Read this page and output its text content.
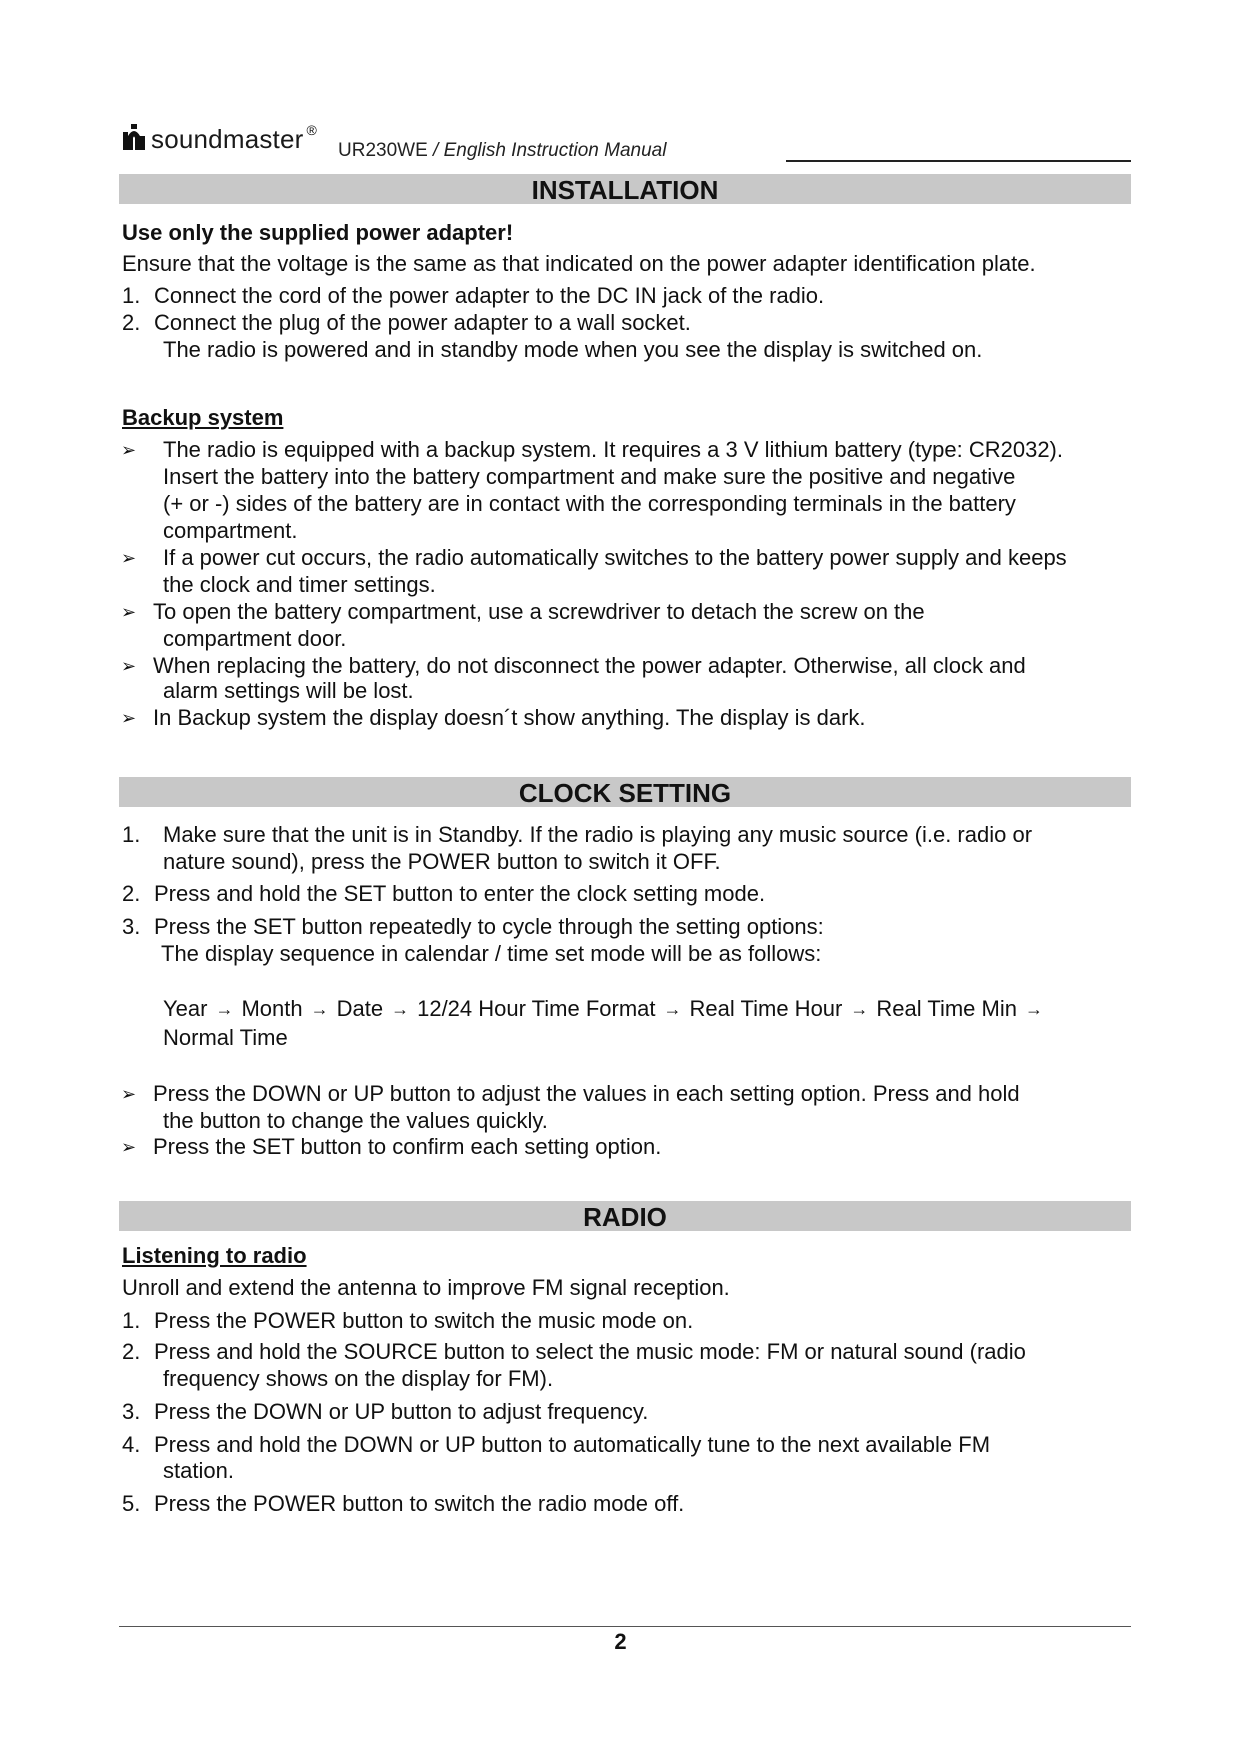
soundmaster ®
UR230WE / English Instruction Manual
INSTALLATION
Use only the supplied power adapter!
Ensure that the voltage is the same as that indicated on the power adapter identification plate.
1. Connect the cord of the power adapter to the DC IN jack of the radio.
2. Connect the plug of the power adapter to a wall socket.
The radio is powered and in standby mode when you see the display is switched on.
Backup system
➢ The radio is equipped with a backup system. It requires a 3 V lithium battery (type: CR2032).
Insert the battery into the battery compartment and make sure the positive and negative
(+ or -) sides of the battery are in contact with the corresponding terminals in the battery
compartment.
➢ If a power cut occurs, the radio automatically switches to the battery power supply and keeps
the clock and timer settings.
➢ To open the battery compartment, use a screwdriver to detach the screw on the
compartment door.
➢ When replacing the battery, do not disconnect the power adapter. Otherwise, all clock and
alarm settings will be lost.
➢ In Backup system the display doesn´t show anything. The display is dark.
CLOCK SETTING
1. Make sure that the unit is in Standby. If the radio is playing any music source (i.e. radio or
nature sound), press the POWER button to switch it OFF.
2. Press and hold the SET button to enter the clock setting mode.
3. Press the SET button repeatedly to cycle through the setting options:
The display sequence in calendar / time set mode will be as follows:
Year → Month → Date → 12/24 Hour Time Format → Real Time Hour → Real Time Min →
Normal Time
➢ Press the DOWN or UP button to adjust the values in each setting option. Press and hold
the button to change the values quickly.
➢ Press the SET button to confirm each setting option.
RADIO
Listening to radio
Unroll and extend the antenna to improve FM signal reception.
1. Press the POWER button to switch the music mode on.
2. Press and hold the SOURCE button to select the music mode: FM or natural sound (radio
frequency shows on the display for FM).
3. Press the DOWN or UP button to adjust frequency.
4. Press and hold the DOWN or UP button to automatically tune to the next available FM
station.
5. Press the POWER button to switch the radio mode off.
2
